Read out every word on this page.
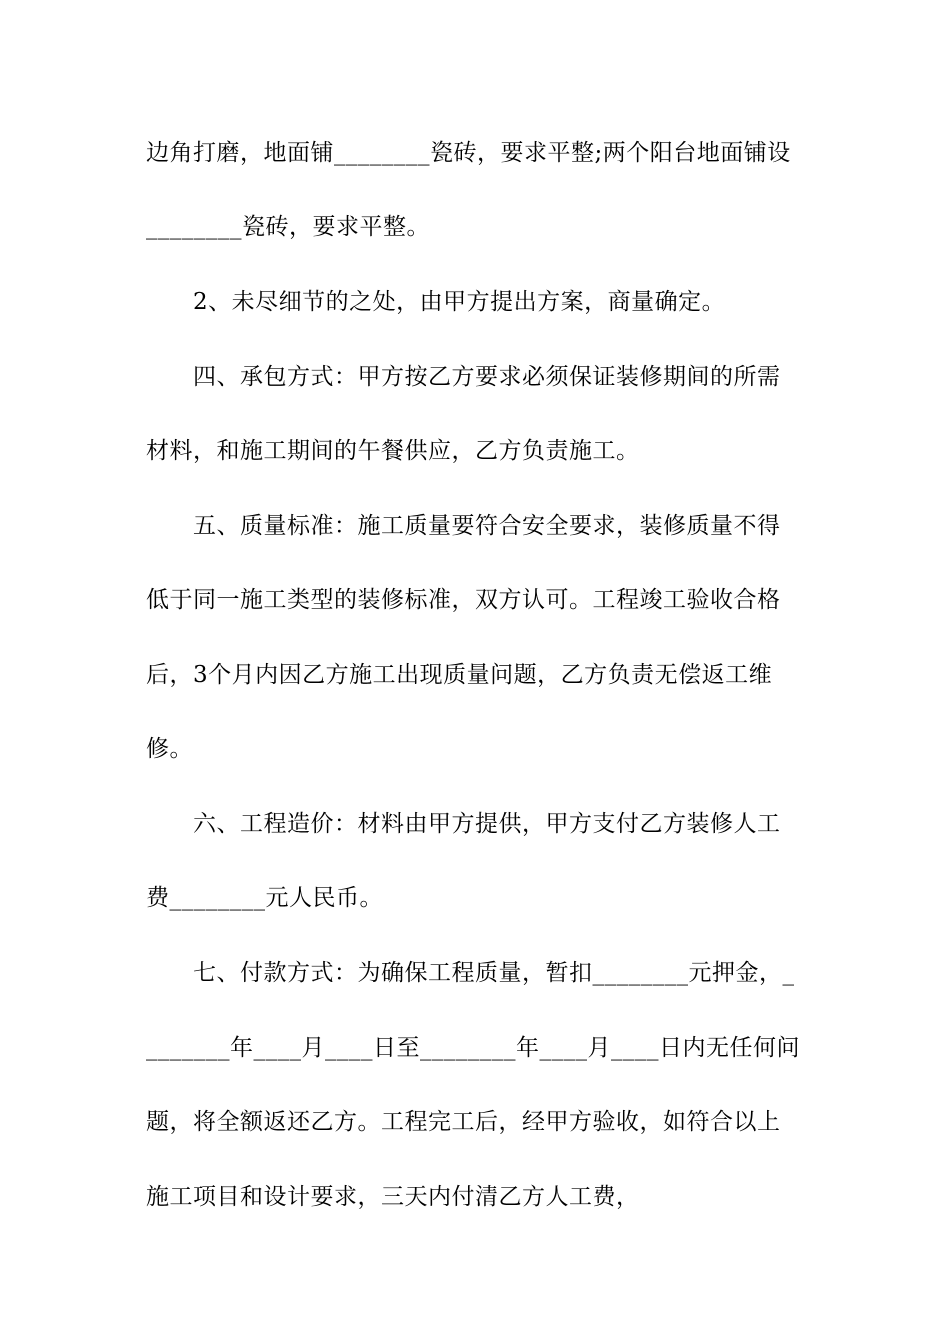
边角打磨，地面铺________瓷砖，要求平整;两个阳台地面铺设
________瓷砖，要求平整。
2、未尽细节的之处，由甲方提出方案，商量确定。
四、承包方式：甲方按乙方要求必须保证装修期间的所需
材料，和施工期间的午餐供应，乙方负责施工。
五、质量标准：施工质量要符合安全要求，装修质量不得
低于同一施工类型的装修标准，双方认可。工程竣工验收合格
后，3个月内因乙方施工出现质量问题，乙方负责无偿返工维
修。
六、工程造价：材料由甲方提供，甲方支付乙方装修人工
费________元人民币。
七、付款方式：为确保工程质量，暂扣________元押金，_
_______年____月____日至________年____月____日内无任何问
题，将全额返还乙方。工程完工后，经甲方验收，如符合以上
施工项目和设计要求，三天内付清乙方人工费，
